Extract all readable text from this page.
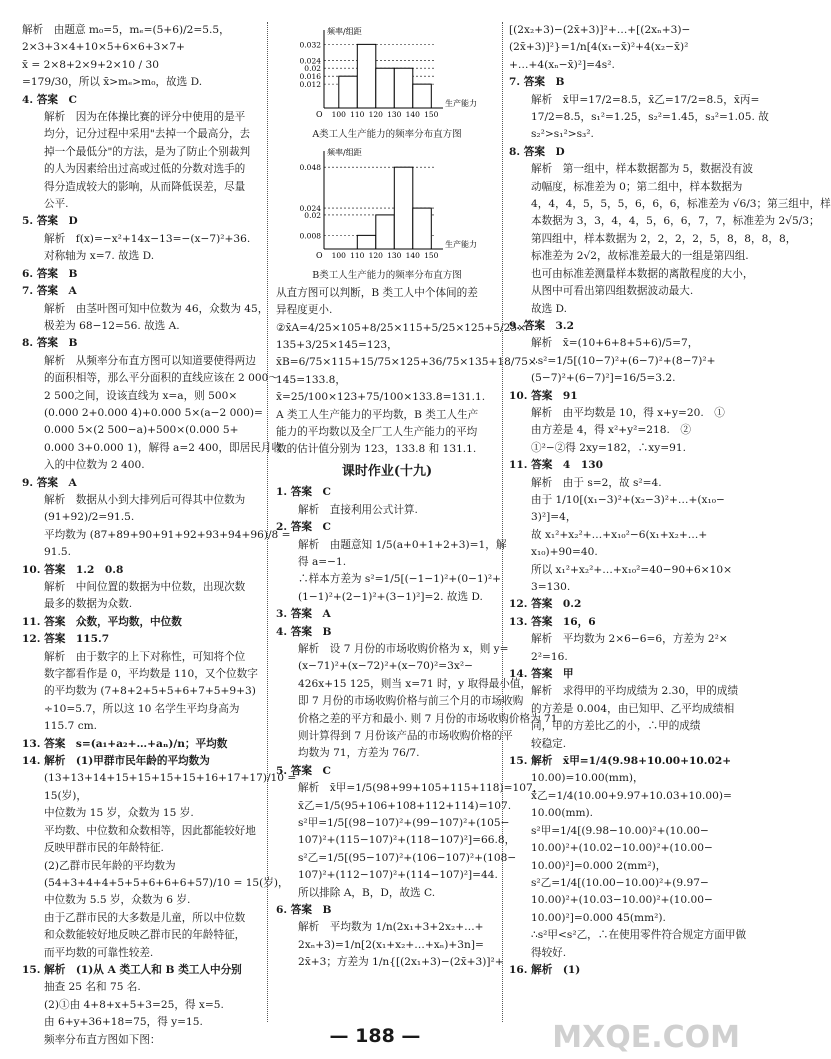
解析　由题意 m₀=5，mₑ=(5+6)/2=5.5，
2×3+3×4+10×5+6×6+3×7+
x̄ = 2×8+2×9+2×10 / 30
=179/30，所以 x̄>mₑ>m₀，故选 D.
4. 答案　C
解析　因为在体操比赛的评分中使用的是平
均分，记分过程中采用"去掉一个最高分，去
掉一个最低分"的方法，是为了防止个别裁判
的人为因素给出过高或过低的分数对选手的
得分造成较大的影响，从而降低误差，尽量
公平.
5. 答案　D
解析　f(x)=−x²+14x−13=−(x−7)²+36.
对称轴为 x=7. 故选 D.
6. 答案　B
7. 答案　A
解析　由茎叶图可知中位数为 46，众数为 45，
极差为 68−12=56. 故选 A.
8. 答案　B
解析　从频率分布直方图可以知道要使得两边
的面积相等，那么平分面积的直线应该在 2 000～
2 500之间，设该直线为 x=a，则 500×
(0.000 2+0.000 4)+0.000 5×(a−2 000)=
0.000 5×(2 500−a)+500×(0.000 5+
0.000 3+0.000 1)，解得 a=2 400，即居民月收
入的中位数为 2 400.
9. 答案　A
解析　数据从小到大排列后可得其中位数为
(91+92)/2=91.5.
平均数为 (87+89+90+91+92+93+94+96)/8 =
91.5.
10. 答案　1.2　0.8
解析　中间位置的数据为中位数，出现次数
最多的数据为众数.
11. 答案　众数，平均数，中位数
12. 答案　115.7
解析　由于数字的上下对称性，可知将个位
数字都看作是 0，平均数是 110，又个位数字
的平均数为 (7+8+2+5+5+6+7+5+9+3)
÷10=5.7，所以这 10 名学生平均身高为
115.7 cm.
13. 答案　s=(a₁+a₂+…+aₙ)/n；平均数
14. 解析　(1)甲群市民年龄的平均数为
(13+13+14+15+15+15+15+16+17+17)/10 =
15(岁)，
中位数为 15 岁，众数为 15 岁.
平均数、中位数和众数相等，因此都能较好地
反映甲群市民的年龄特征.
(2)乙群市民年龄的平均数为
(54+3+4+4+5+5+6+6+6+57)/10 = 15(岁)，
中位数为 5.5 岁，众数为 6 岁.
由于乙群市民的大多数是儿童，所以中位数
和众数能较好地反映乙群市民的年龄特征，
而平均数的可靠性较差.
15. 解析　(1)从 A 类工人和 B 类工人中分别
抽查 25 名和 75 名.
(2)①由 4+8+x+5+3=25，得 x=5.
由 6+y+36+18=75，得 y=15.
频率分布直方图如下图：
频率/组距
生产能力
O
0.012
0.016
0.02
0.024
0.032
100 110 120 130 140 150
A类工人生产能力的频率分布直方图
频率/组距
生产能力
O
0.008
0.02
0.024
0.048
100 110 120 130 140 150
B类工人生产能力的频率分布直方图
从直方图可以判断，B 类工人中个体间的差
异程度更小.
②x̄A=4/25×105+8/25×115+5/25×125+5/25×
135+3/25×145=123，
x̄B=6/75×115+15/75×125+36/75×135+18/75×
145=133.8，
x̄=25/100×123+75/100×133.8=131.1.
A 类工人生产能力的平均数，B 类工人生产
能力的平均数以及全厂工人生产能力的平均
数的估计值分别为 123，133.8 和 131.1.
课时作业(十九)
1. 答案　C
解析　直接利用公式计算.
2. 答案　C
解析　由题意知 1/5(a+0+1+2+3)=1，解
得 a=−1.
∴样本方差为 s²=1/5[(−1−1)²+(0−1)²+
(1−1)²+(2−1)²+(3−1)²]=2. 故选 D.
3. 答案　A
4. 答案　B
解析　设 7 月份的市场收购价格为 x，则 y=
(x−71)²+(x−72)²+(x−70)²=3x²−
426x+15 125，则当 x=71 时，y 取得最小值，
即 7 月份的市场收购价格与前三个月的市场收购
价格之差的平方和最小. 则 7 月份的市场收购价格为 71.
则计算得到 7 月份该产品的市场收购价格的平
均数为 71，方差为 76/7.
5. 答案　C
解析　x̄甲=1/5(98+99+105+115+118)=107，
x̄乙=1/5(95+106+108+112+114)=107.
s²甲=1/5[(98−107)²+(99−107)²+(105−
107)²+(115−107)²+(118−107)²]=66.8，
s²乙=1/5[(95−107)²+(106−107)²+(108−
107)²+(112−107)²+(114−107)²]=44.
所以排除 A，B，D，故选 C.
6. 答案　B
解析　平均数为 1/n(2x₁+3+2x₂+…+
2xₙ+3)=1/n[2(x₁+x₂+…+xₙ)+3n]=
2x̄+3；方差为 1/n{[(2x₁+3)−(2x̄+3)]²+
[(2x₂+3)−(2x̄+3)]²+…+[(2xₙ+3)−
(2x̄+3)]²}=1/n[4(x₁−x̄)²+4(x₂−x̄)²
+…+4(xₙ−x̄)²]=4s².
7. 答案　B
解析　x̄甲=17/2=8.5，x̄乙=17/2=8.5，x̄丙=
17/2=8.5，s₁²=1.25，s₂²=1.45，s₃²=1.05. 故
s₂²>s₁²>s₃².
8. 答案　D
解析　第一组中，样本数据都为 5，数据没有波
动幅度，标准差为 0；第二组中，样本数据为
4，4，4，5，5，5，6，6，6，标准差为 √6/3；第三组中，样
本数据为 3，3，4，4，5，6，6，7，7，标准差为 2√5/3；
第四组中，样本数据为 2，2，2，2，5，8，8，8，8，
标准差为 2√2，故标准差最大的一组是第四组.
也可由标准差测量样本数据的离散程度的大小，
从图中可看出第四组数据波动最大.
故选 D.
9. 答案　3.2
解析　x̄=(10+6+8+5+6)/5=7，
∴s²=1/5[(10−7)²+(6−7)²+(8−7)²+
(5−7)²+(6−7)²]=16/5=3.2.
10. 答案　91
解析　由平均数是 10，得 x+y=20.　①
由方差是 4，得 x²+y²=218.　②
①²−②得 2xy=182，∴xy=91.
11. 答案　4　130
解析　由于 s=2，故 s²=4.
由于 1/10[(x₁−3)²+(x₂−3)²+…+(x₁₀−
3)²]=4，
故 x₁²+x₂²+…+x₁₀²−6(x₁+x₂+…+
x₁₀)+90=40.
所以 x₁²+x₂²+…+x₁₀²=40−90+6×10×
3=130.
12. 答案　0.2
13. 答案　16，6
解析　平均数为 2×6−6=6，方差为 2²×
2²=16.
14. 答案　甲
解析　求得甲的平均成绩为 2.30，甲的成绩
的方差是 0.004，由已知甲、乙平均成绩相
同，甲的方差比乙的小，∴甲的成绩
较稳定.
15. 解析　x̄甲=1/4(9.98+10.00+10.02+
10.00)=10.00(mm)，
x̄乙=1/4(10.00+9.97+10.03+10.00)=
10.00(mm).
s²甲=1/4[(9.98−10.00)²+(10.00−
10.00)²+(10.02−10.00)²+(10.00−
10.00)²]=0.000 2(mm²)，
s²乙=1/4[(10.00−10.00)²+(9.97−
10.00)²+(10.03−10.00)²+(10.00−
10.00)²]=0.000 45(mm²).
∴s²甲<s²乙，∴在使用零件符合规定方面甲做
得较好.
16. 解析　(1)
— 188 —	MXQE.COM
